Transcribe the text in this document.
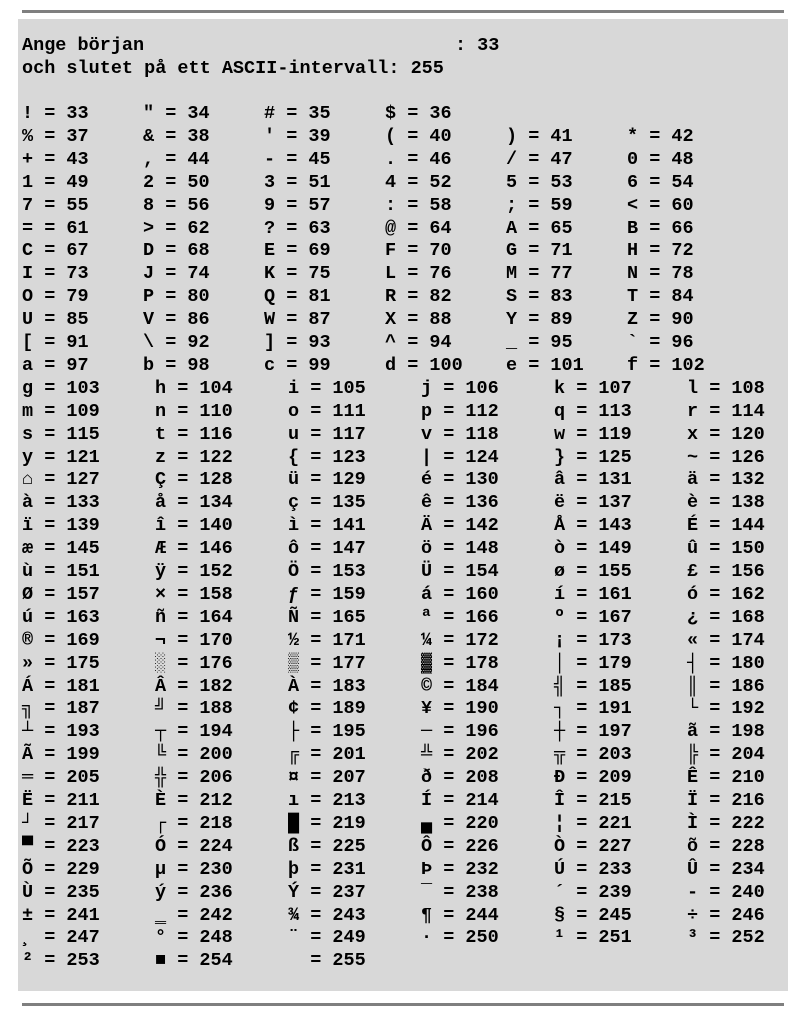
Ange början                            : 33
och slutet på ett ASCII-intervall: 255
! = 33	" = 34	# = 35	$ = 36
% = 37	& = 38	' = 39	( = 40	) = 41	* = 42
+ = 43	, = 44	- = 45	. = 46	/ = 47	0 = 48
1 = 49	2 = 50	3 = 51	4 = 52	5 = 53	6 = 54
7 = 55	8 = 56	9 = 57	: = 58	; = 59	< = 60
= = 61	> = 62	? = 63	@ = 64	A = 65	B = 66
C = 67	D = 68	E = 69	F = 70	G = 71	H = 72
I = 73	J = 74	K = 75	L = 76	M = 77	N = 78
O = 79	P = 80	Q = 81	R = 82	S = 83	T = 84
U = 85	V = 86	W = 87	X = 88	Y = 89	Z = 90
[ = 91	\ = 92	] = 93	^ = 94	_ = 95	` = 96
a = 97	b = 98	c = 99	d = 100 e = 101 f = 102
g = 103	h = 104	i = 105	j = 106	k = 107	l = 108
m = 109	n = 110	o = 111	p = 112	q = 113	r = 114
s = 115	t = 116	u = 117	v = 118	w = 119	x = 120
y = 121	z = 122	{ = 123	| = 124	} = 125	~ = 126
⌂ = 127	Ç = 128	ü = 129	é = 130	â = 131	ä = 132
à = 133	å = 134	ç = 135	ê = 136	ë = 137	è = 138
ï = 139	î = 140	ì = 141	Ä = 142	Å = 143	É = 144
æ = 145	Æ = 146	ô = 147	ö = 148	ò = 149	û = 150
ù = 151	ÿ = 152	Ö = 153	Ü = 154	ø = 155	£ = 156
Ø = 157	× = 158	ƒ = 159	á = 160	í = 161	ó = 162
ú = 163	ñ = 164	Ñ = 165	ª = 166	º = 167	¿ = 168
® = 169	¬ = 170	½ = 171	¼ = 172	¡ = 173	« = 174
» = 175	░ = 176	▒ = 177	▓ = 178	│ = 179	┤ = 180
Á = 181	Â = 182	À = 183	© = 184	╣ = 185	║ = 186
╗ = 187	╝ = 188	¢ = 189	¥ = 190	┐ = 191	└ = 192
┴ = 193	┬ = 194	├ = 195	─ = 196	┼ = 197	ã = 198
Ã = 199	╚ = 200	╔ = 201	╩ = 202	╦ = 203	╠ = 204
═ = 205	╬ = 206	¤ = 207	ð = 208	Ð = 209	Ê = 210
Ë = 211	È = 212	ı = 213	Í = 214	Î = 215	Ï = 216
┘ = 217	┌ = 218	█ = 219	▄ = 220	¦ = 221	Ì = 222
▀ = 223	Ó = 224	ß = 225	Ô = 226	Ò = 227	õ = 228
Õ = 229	µ = 230	þ = 231	Þ = 232	Ú = 233	Û = 234
Ù = 235	ý = 236	Ý = 237	¯ = 238	´ = 239	- = 240
± = 241	‗ = 242	¾ = 243	¶ = 244	§ = 245	÷ = 246
¸ = 247	° = 248	¨ = 249	· = 250	¹ = 251	³ = 252
² = 253	■ = 254	= 255
